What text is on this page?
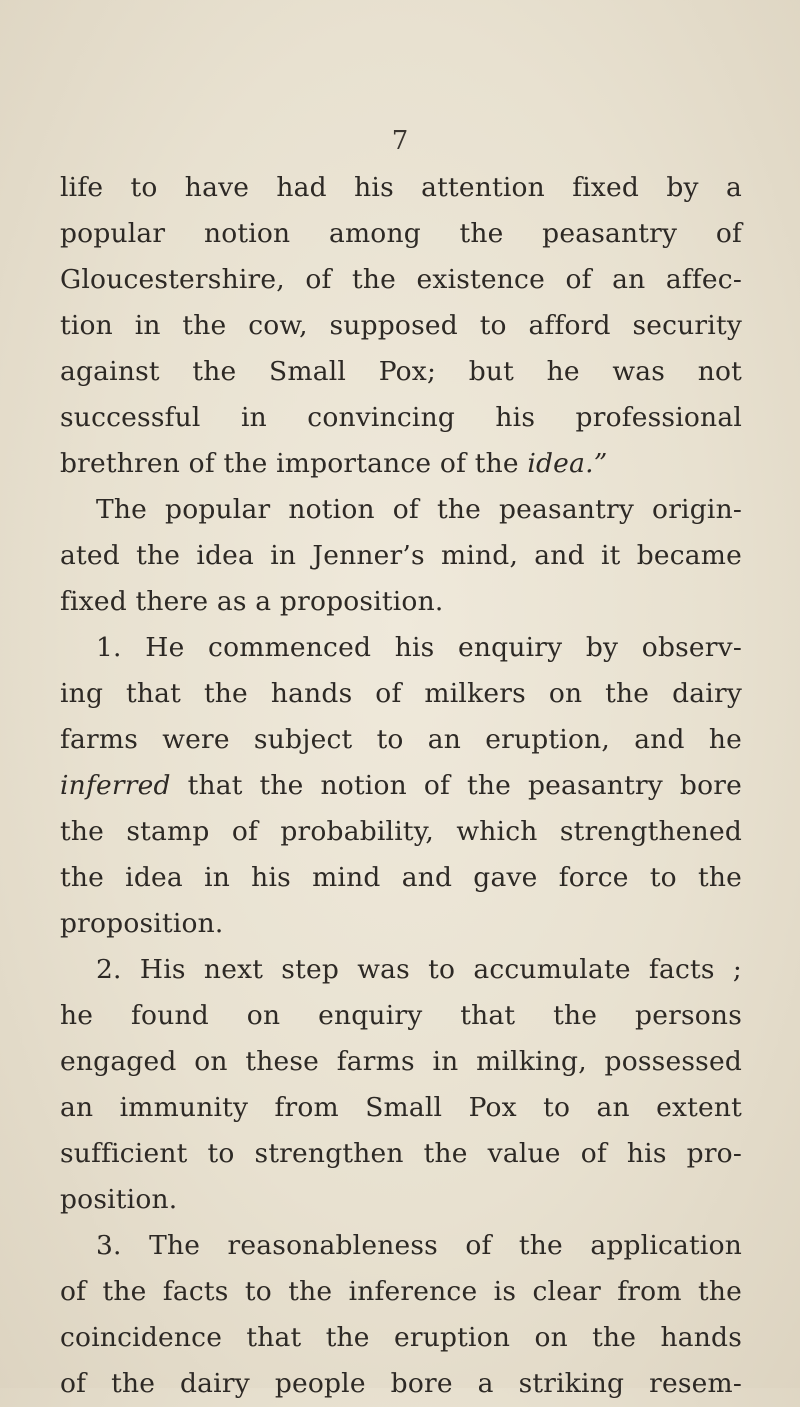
7
life to have had his attention fixed by a
popular notion among the peasantry of
Gloucestershire, of the existence of an affec-
tion in the cow, supposed to afford security
against the Small Pox; but he was not
successful in convincing his professional
brethren of the importance of the idea.”
The popular notion of the peasantry origin-
ated the idea in Jenner’s mind, and it became
fixed there as a proposition.
1. He commenced his enquiry by observ-
ing that the hands of milkers on the dairy
farms were subject to an eruption, and he
inferred that the notion of the peasantry bore
the stamp of probability, which strengthened
the idea in his mind and gave force to the
proposition.
2. His next step was to accumulate facts ;
he found on enquiry that the persons
engaged on these farms in milking, possessed
an immunity from Small Pox to an extent
sufficient to strengthen the value of his pro-
position.
3. The reasonableness of the application
of the facts to the inference is clear from the
coincidence that the eruption on the hands
of the dairy people bore a striking resem-
